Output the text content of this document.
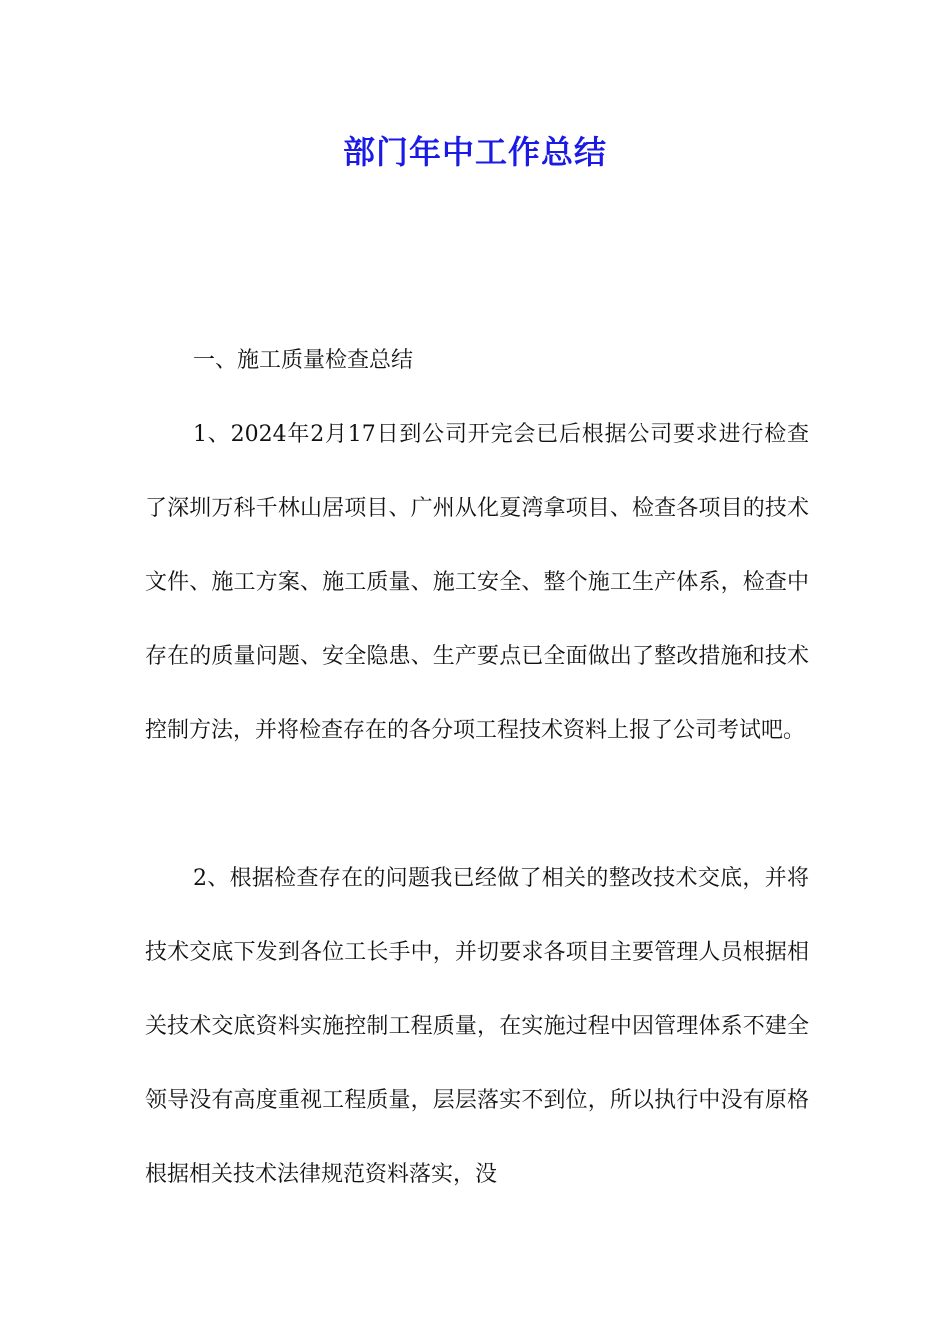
部门年中工作总结
一、施工质量检查总结
1、2024年2月17日到公司开完会已后根据公司要求进行检查了深圳万科千林山居项目、广州从化夏湾拿项目、检查各项目的技术文件、施工方案、施工质量、施工安全、整个施工生产体系，检查中存在的质量问题、安全隐患、生产要点已全面做出了整改措施和技术控制方法，并将检查存在的各分项工程技术资料上报了公司考试吧。
2、根据检查存在的问题我已经做了相关的整改技术交底，并将技术交底下发到各位工长手中，并切要求各项目主要管理人员根据相关技术交底资料实施控制工程质量，在实施过程中因管理体系不建全领导没有高度重视工程质量，层层落实不到位，所以执行中没有原格根据相关技术法律规范资料落实，没
